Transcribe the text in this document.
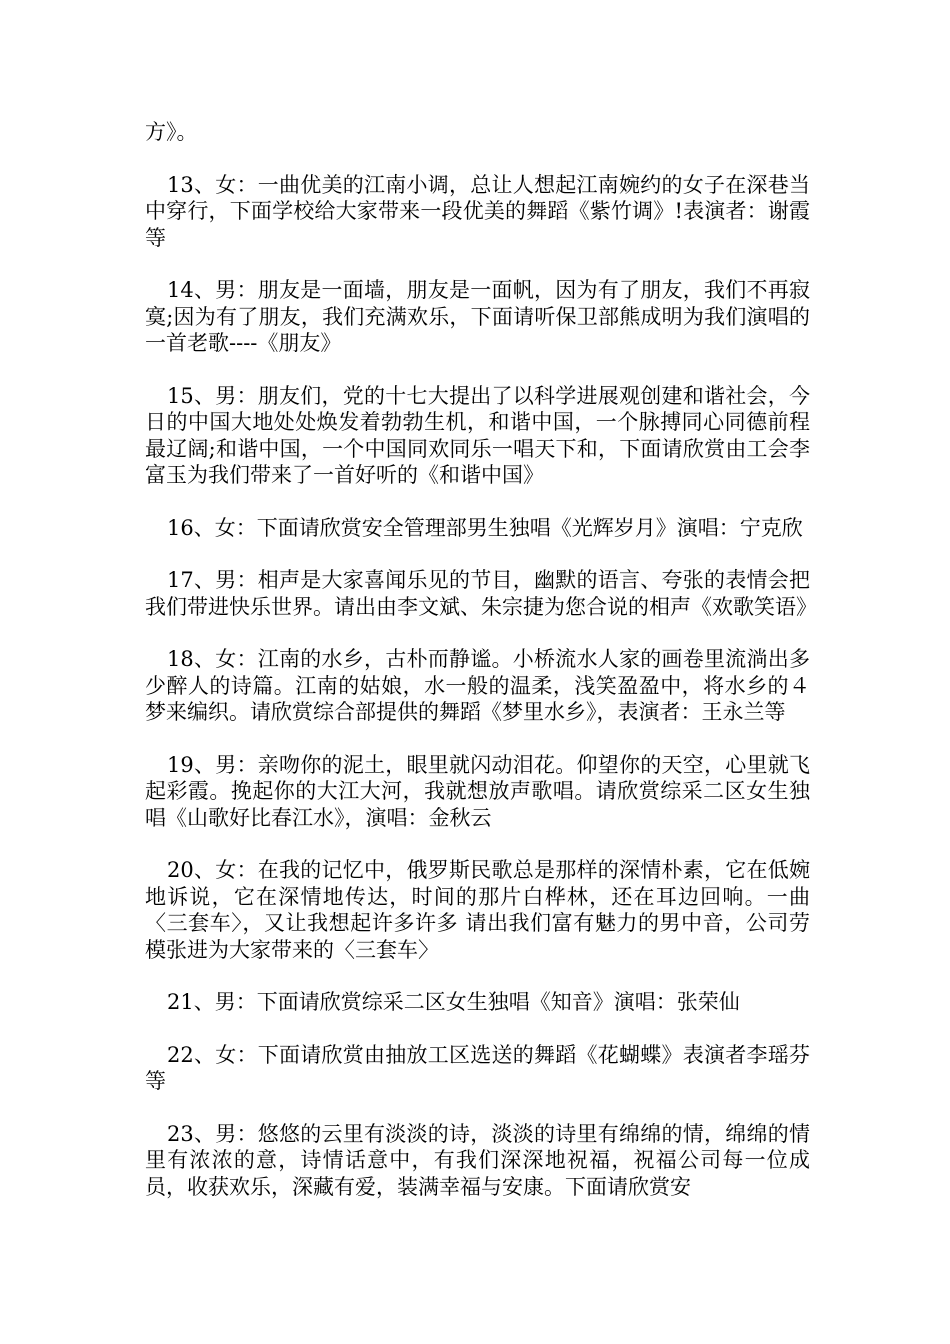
方》。

13、女：一曲优美的江南小调，总让人想起江南婉约的女子在深巷当中穿行，下面学校给大家带来一段优美的舞蹈《紫竹调》!表演者：谢霞等

14、男：朋友是一面墙，朋友是一面帆，因为有了朋友，我们不再寂寞;因为有了朋友，我们充满欢乐，下面请听保卫部熊成明为我们演唱的一首老歌----《朋友》

15、男：朋友们，党的十七大提出了以科学进展观创建和谐社会，今日的中国大地处处焕发着勃勃生机，和谐中国，一个脉搏同心同德前程最辽阔;和谐中国，一个中国同欢同乐一唱天下和，下面请欣赏由工会李富玉为我们带来了一首好听的《和谐中国》

16、女：下面请欣赏安全管理部男生独唱《光辉岁月》演唱：宁克欣

17、男：相声是大家喜闻乐见的节目，幽默的语言、夸张的表情会把我们带进快乐世界。请出由李文斌、朱宗捷为您合说的相声《欢歌笑语》

18、女：江南的水乡，古朴而静谧。小桥流水人家的画卷里流淌出多少醉人的诗篇。江南的姑娘，水一般的温柔，浅笑盈盈中，将水乡的４梦来编织。请欣赏综合部提供的舞蹈《梦里水乡》，表演者：王永兰等

19、男：亲吻你的泥土，眼里就闪动泪花。仰望你的天空，心里就飞起彩霞。挽起你的大江大河，我就想放声歌唱。请欣赏综采二区女生独唱《山歌好比春江水》，演唱：金秋云

20、女：在我的记忆中，俄罗斯民歌总是那样的深情朴素，它在低婉地诉说，它在深情地传达，时间的那片白桦林，还在耳边回响。一曲〈三套车〉，又让我想起许多许多 请出我们富有魅力的男中音，公司劳模张进为大家带来的〈三套车〉

21、男：下面请欣赏综采二区女生独唱《知音》演唱：张荣仙

22、女：下面请欣赏由抽放工区选送的舞蹈《花蝴蝶》表演者李瑶芬等

23、男：悠悠的云里有淡淡的诗，淡淡的诗里有绵绵的情，绵绵的情里有浓浓的意，诗情话意中，有我们深深地祝福，祝福公司每一位成员，收获欢乐，深藏有爱，装满幸福与安康。下面请欣赏安
